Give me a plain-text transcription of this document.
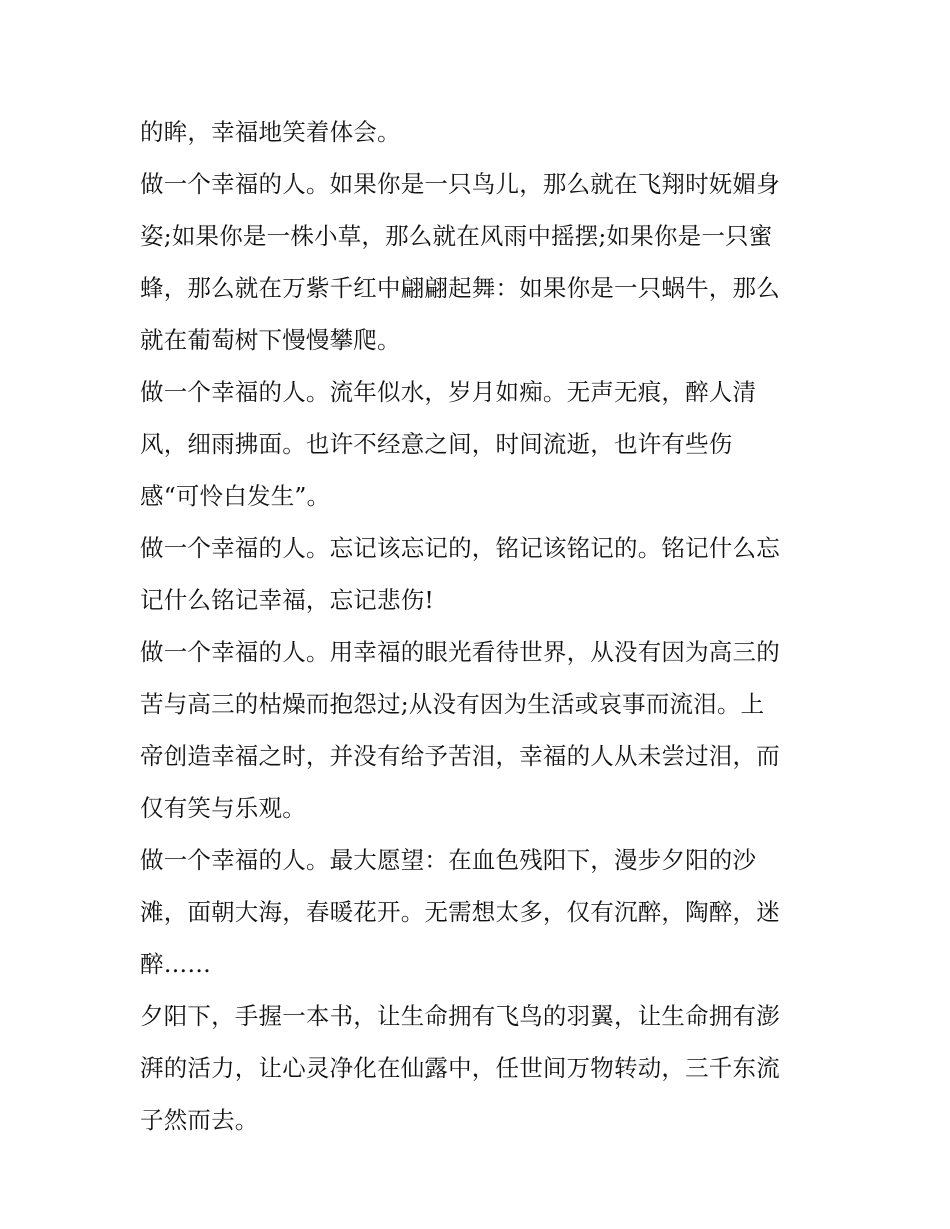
的眸，幸福地笑着体会。
做一个幸福的人。如果你是一只鸟儿，那么就在飞翔时妩媚身
姿;如果你是一株小草，那么就在风雨中摇摆;如果你是一只蜜
蜂，那么就在万紫千红中翩翩起舞：如果你是一只蜗牛，那么
就在葡萄树下慢慢攀爬。
做一个幸福的人。流年似水，岁月如痴。无声无痕，醉人清
风，细雨拂面。也许不经意之间，时间流逝，也许有些伤
感“可怜白发生”。
做一个幸福的人。忘记该忘记的，铭记该铭记的。铭记什么忘
记什么铭记幸福，忘记悲伤!
做一个幸福的人。用幸福的眼光看待世界，从没有因为高三的
苦与高三的枯燥而抱怨过;从没有因为生活或哀事而流泪。上
帝创造幸福之时，并没有给予苦泪，幸福的人从未尝过泪，而
仅有笑与乐观。
做一个幸福的人。最大愿望：在血色残阳下，漫步夕阳的沙
滩，面朝大海，春暖花开。无需想太多，仅有沉醉，陶醉，迷
醉……
夕阳下，手握一本书，让生命拥有飞鸟的羽翼，让生命拥有澎
湃的活力，让心灵净化在仙露中，任世间万物转动，三千东流
子然而去。
